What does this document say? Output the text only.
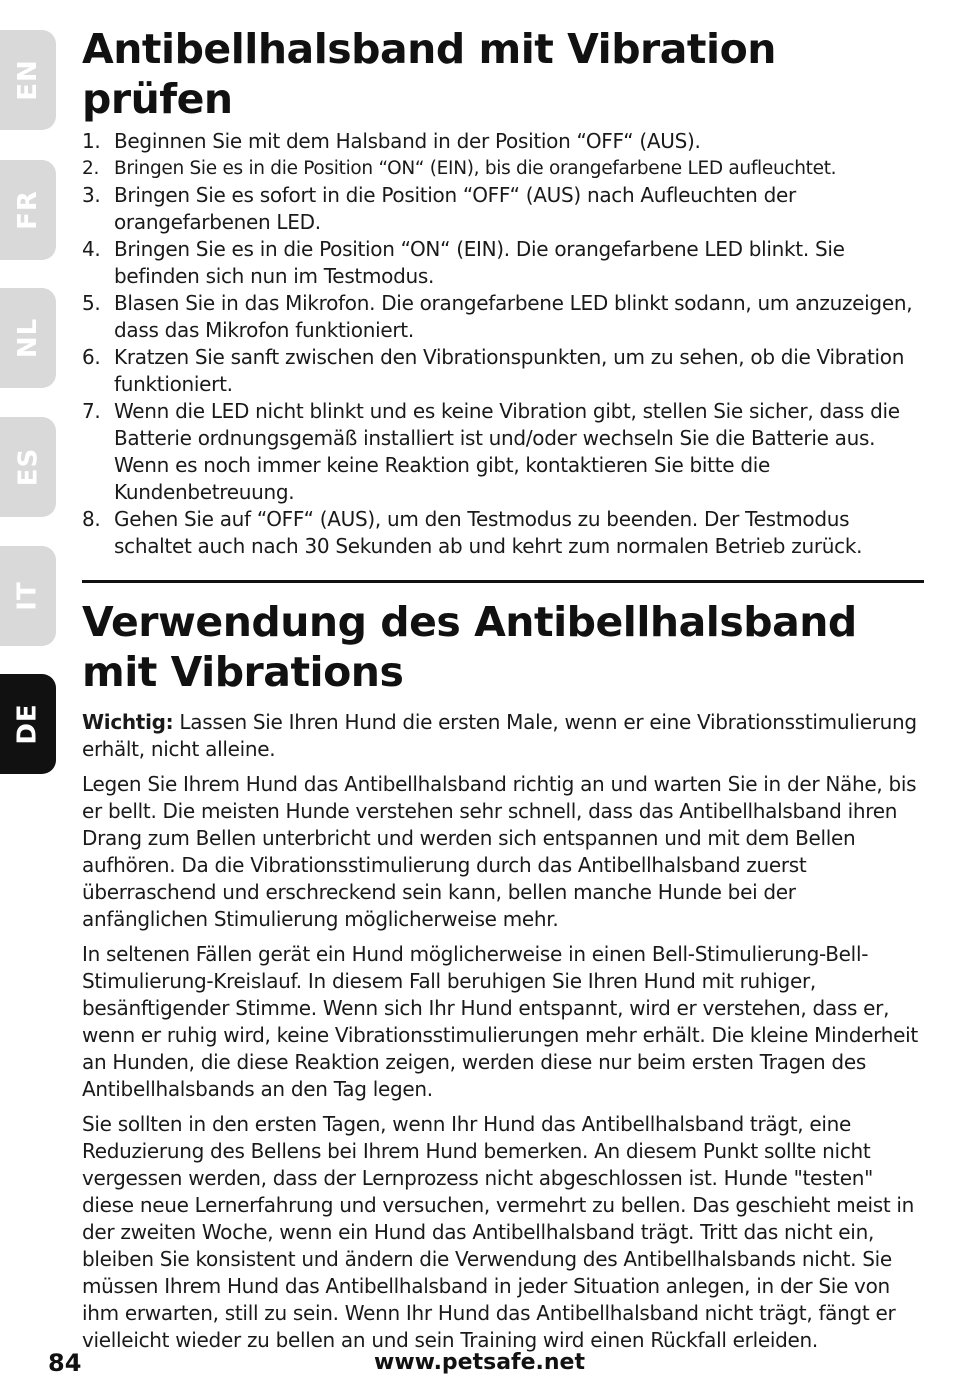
EN
FR
NL
ES
IT
DE
Antibellhalsband mit Vibration prüfen
1. Beginnen Sie mit dem Halsband in der Position “OFF“ (AUS).
2. Bringen Sie es in die Position “ON“ (EIN), bis die orangefarbene LED aufleuchtet.
3. Bringen Sie es sofort in die Position “OFF“ (AUS) nach Aufleuchten der orangefarbenen LED.
4. Bringen Sie es in die Position “ON“ (EIN). Die orangefarbene LED blinkt. Sie befinden sich nun im Testmodus.
5. Blasen Sie in das Mikrofon. Die orangefarbene LED blinkt sodann, um anzuzeigen, dass das Mikrofon funktioniert.
6. Kratzen Sie sanft zwischen den Vibrationspunkten, um zu sehen, ob die Vibration funktioniert.
7. Wenn die LED nicht blinkt und es keine Vibration gibt, stellen Sie sicher, dass die Batterie ordnungsgemäß installiert ist und/oder wechseln Sie die Batterie aus. Wenn es noch immer keine Reaktion gibt, kontaktieren Sie bitte die Kundenbetreuung.
8. Gehen Sie auf “OFF“ (AUS), um den Testmodus zu beenden. Der Testmodus schaltet auch nach 30 Sekunden ab und kehrt zum normalen Betrieb zurück.
Verwendung des Antibellhalsband mit Vibrations

Wichtig: Lassen Sie Ihren Hund die ersten Male, wenn er eine Vibrationsstimulierung erhält, nicht alleine.

Legen Sie Ihrem Hund das Antibellhalsband richtig an und warten Sie in der Nähe, bis er bellt. Die meisten Hunde verstehen sehr schnell, dass das Antibellhalsband ihren Drang zum Bellen unterbricht und werden sich entspannen und mit dem Bellen aufhören. Da die Vibrationsstimulierung durch das Antibellhalsband zuerst überraschend und erschreckend sein kann, bellen manche Hunde bei der anfänglichen Stimulierung möglicherweise mehr.

In seltenen Fällen gerät ein Hund möglicherweise in einen Bell-Stimulierung-Bell-Stimulierung-Kreislauf. In diesem Fall beruhigen Sie Ihren Hund mit ruhiger, besänftigender Stimme. Wenn sich Ihr Hund entspannt, wird er verstehen, dass er, wenn er ruhig wird, keine Vibrationsstimulierungen mehr erhält. Die kleine Minderheit an Hunden, die diese Reaktion zeigen, werden diese nur beim ersten Tragen des Antibellhalsbands an den Tag legen.

Sie sollten in den ersten Tagen, wenn Ihr Hund das Antibellhalsband trägt, eine Reduzierung des Bellens bei Ihrem Hund bemerken. An diesem Punkt sollte nicht vergessen werden, dass der Lernprozess nicht abgeschlossen ist. Hunde "testen" diese neue Lernerfahrung und versuchen, vermehrt zu bellen. Das geschieht meist in der zweiten Woche, wenn ein Hund das Antibellhalsband trägt. Tritt das nicht ein, bleiben Sie konsistent und ändern die Verwendung des Antibellhalsbands nicht. Sie müssen Ihrem Hund das Antibellhalsband in jeder Situation anlegen, in der Sie von ihm erwarten, still zu sein. Wenn Ihr Hund das Antibellhalsband nicht trägt, fängt er vielleicht wieder zu bellen an und sein Training wird einen Rückfall erleiden.

84	www.petsafe.net
